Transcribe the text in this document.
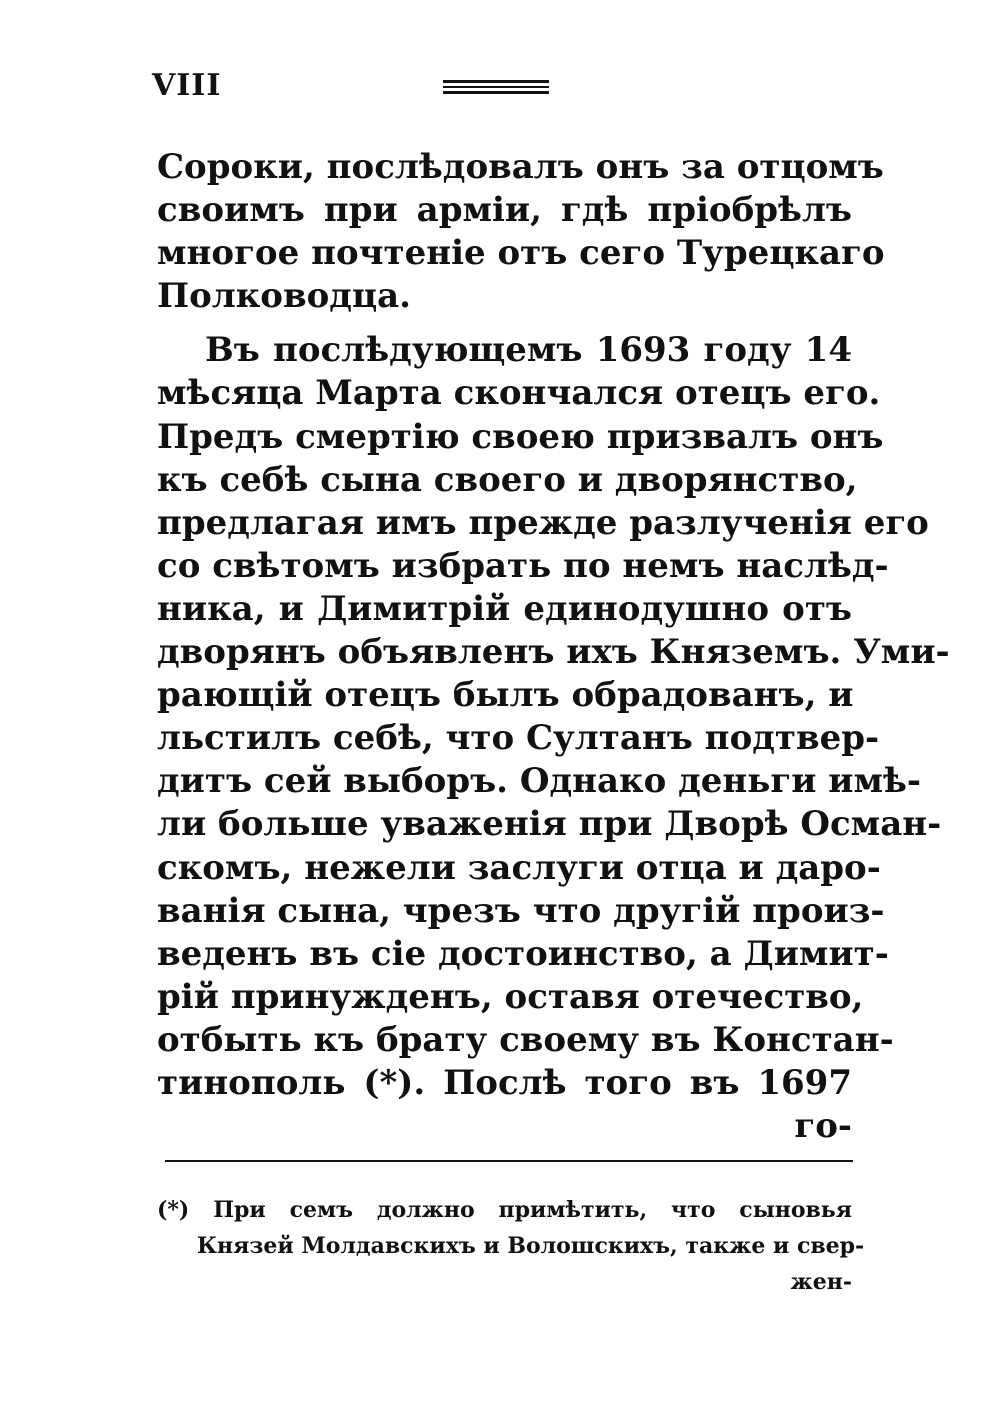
VIII
Сороки, послѣдовалъ онъ за отцомъ
своимъ при арміи, гдѣ пріобрѣлъ
многое почтеніе отъ сего Турецкаго
Полководца.
Въ послѣдующемъ 1693 году 14
мѣсяца Марта скончался отецъ его.
Предъ смертію своею призвалъ онъ
къ себѣ сына своего и дворянство,
предлагая имъ прежде разлученія его
со свѣтомъ избрать по немъ наслѣд-
ника, и Димитрій единодушно отъ
дворянъ объявленъ ихъ Княземъ. Уми-
рающій отецъ былъ обрадованъ, и
льстилъ себѣ, что Султанъ подтвер-
дитъ сей выборъ. Однако деньги имѣ-
ли больше уваженія при Дворѣ Осман-
скомъ, нежели заслуги отца и даро-
ванія сына, чрезъ что другій произ-
веденъ въ сіе достоинство, а Димит-
рій принужденъ, оставя отечество,
отбыть къ брату своему въ Констан-
тинополь (*). Послѣ того въ 1697
го-
(*) При семъ должно примѣтить, что сыновья
Князей Молдавскихъ и Волошскихъ, также и свер-
жен-
